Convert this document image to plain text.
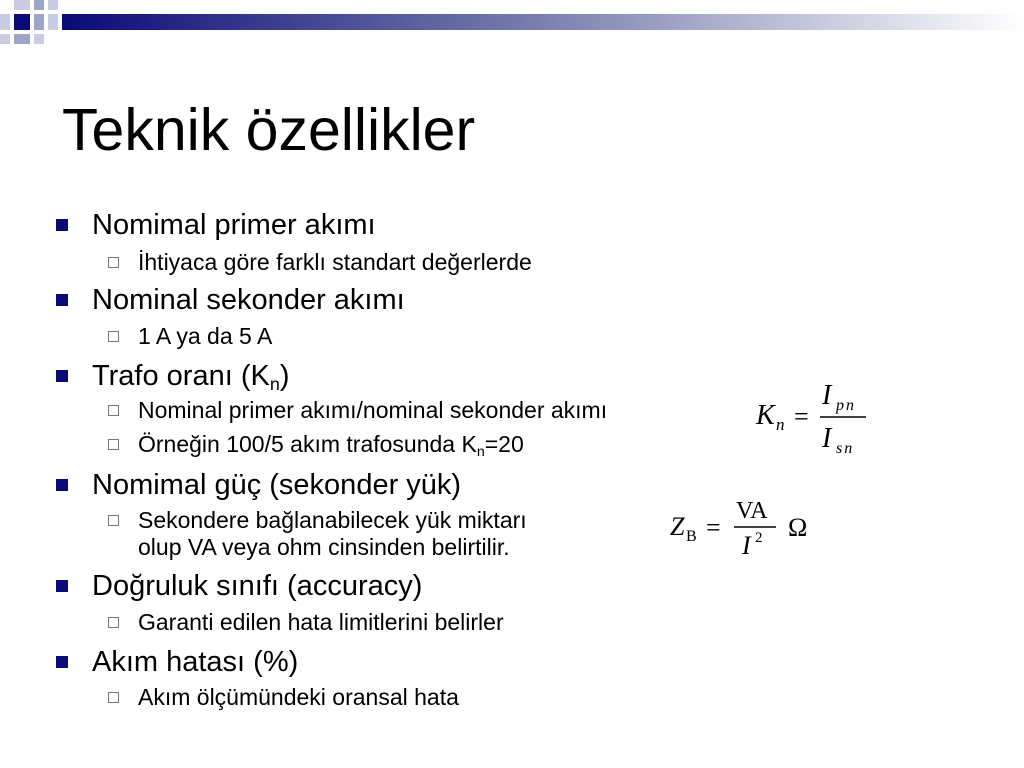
Teknik özellikler
Nomimal primer akımı
İhtiyaca göre farklı standart değerlerde
Nominal sekonder akımı
1 A ya da 5 A
Trafo oranı $(K_n)$
Nominal primer akımı/nominal sekonder akımı
Örneğin 100/5 akım trafosunda $K_n=20$
Nomimal güç (sekonder yük)
Sekondere bağlanabilecek yük miktarı
olup VA veya ohm cinsinden belirtilir.
Doğruluk sınıfı (accuracy)
Garanti edilen hata limitlerini belirler
Akım hatası (%)
Akım ölçümündeki oransal hata
K n =
I pn
I sn
Z B =
VA
I 2 Ω
